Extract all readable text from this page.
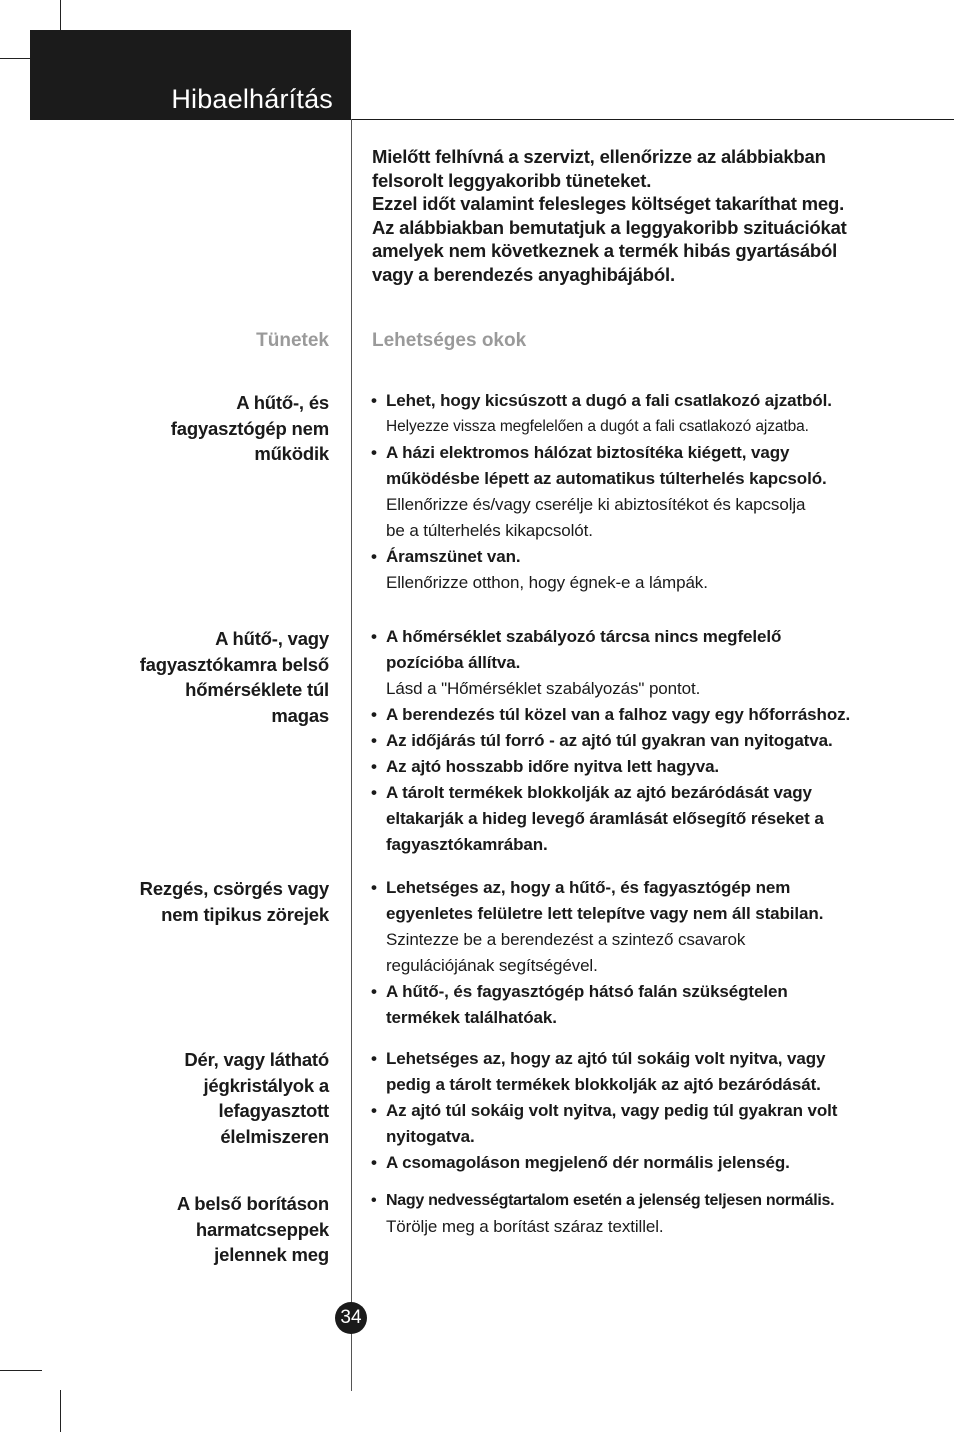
Hibaelhárítás
Mielőtt felhívná a szervizt, ellenőrizze az alábbiakban
felsorolt leggyakoribb tüneteket.
Ezzel időt valamint felesleges költséget takaríthat meg.
Az alábbiakban bemutatjuk a leggyakoribb szituációkat
amelyek nem következnek a termék hibás gyartásából
vagy a berendezés anyaghibájából.
Tünetek Lehetséges okok
A hűtő-, és
fagyasztógép nem
működik
• Lehet, hogy kicsúszott a dugó a fali csatlakozó ajzatból.
Helyezze vissza megfelelően a dugót a fali csatlakozó ajzatba.
• A házi elektromos hálózat biztosítéka kiégett, vagy
működésbe lépett az automatikus túlterhelés kapcsoló.
Ellenőrizze és/vagy cserélje ki abiztosítékot és kapcsolja
be a túlterhelés kikapcsolót.
• Áramszünet van.
Ellenőrizze otthon, hogy égnek-e a lámpák.
A hűtő-, vagy
fagyasztókamra belső
hőmérséklete túl
magas
• A hőmérséklet szabályozó tárcsa nincs megfelelő
pozícióba állítva.
Lásd a "Hőmérséklet szabályozás" pontot.
• A berendezés túl közel van a falhoz vagy egy hőforráshoz.
• Az időjárás túl forró - az ajtó túl gyakran van nyitogatva.
• Az ajtó hosszabb időre nyitva lett hagyva.
• A tárolt termékek blokkolják az ajtó bezáródását vagy
eltakarják a hideg levegő áramlását elősegítő réseket a
fagyasztókamrában.
Rezgés, csörgés vagy
nem tipikus zörejek
• Lehetséges az, hogy a hűtő-, és fagyasztógép nem
egyenletes felületre lett telepítve vagy nem áll stabilan.
Szintezze be a berendezést a szintező csavarok
regulációjának segítségével.
• A hűtő-, és fagyasztógép hátsó falán szükségtelen
termékek találhatóak.
Dér, vagy látható
jégkristályok a
lefagyasztott
élelmiszeren
• Lehetséges az, hogy az ajtó túl sokáig volt nyitva, vagy
pedig a tárolt termékek blokkolják az ajtó bezáródását.
• Az ajtó túl sokáig volt nyitva, vagy pedig túl gyakran volt
nyitogatva.
• A csomagoláson megjelenő dér normális jelenség.
A belső borításon
harmatcseppek
jelennek meg
• Nagy nedvességtartalom esetén a jelenség teljesen normális.
Törölje meg a borítást száraz textillel.
34
